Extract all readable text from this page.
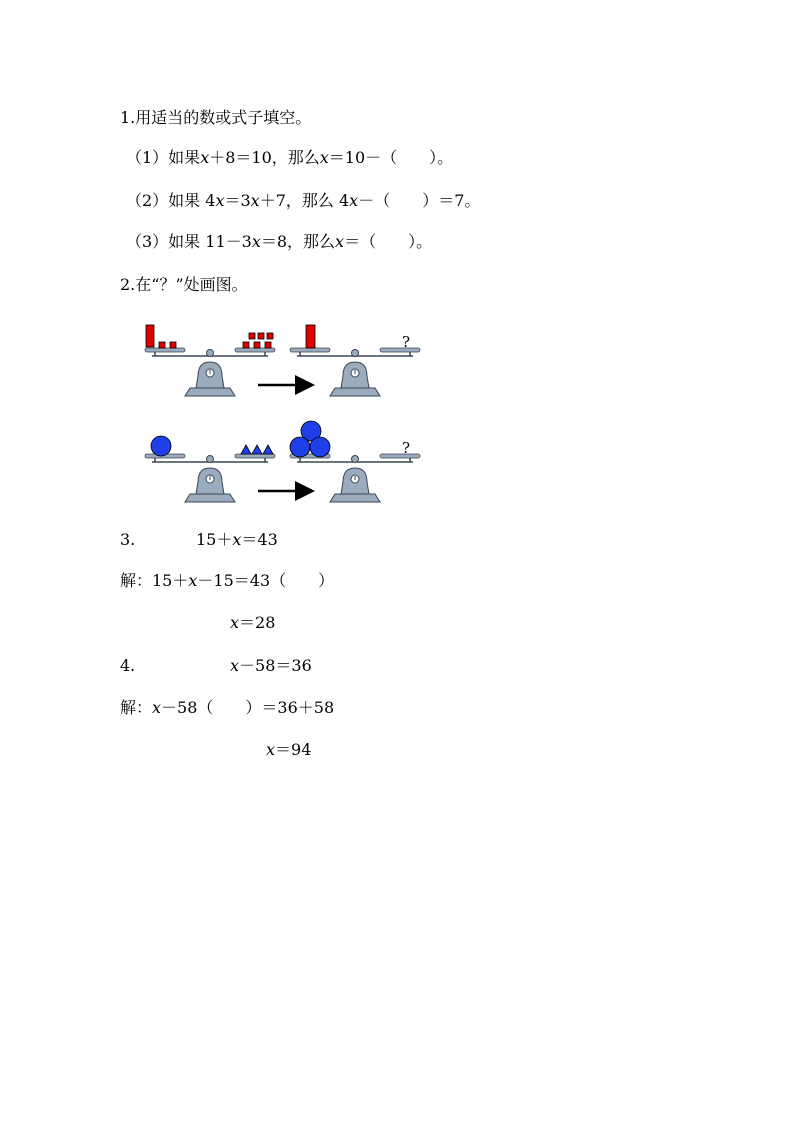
1.用适当的数或式子填空。
（1）如果x＋8＝10，那么x＝10－（　　）。
（2）如果 4x＝3x＋7，那么 4x－（　　）＝7。
（3）如果 11－3x＝8，那么x＝（　　）。
2.在“？”处画图。
?
?
3.	15＋x＝43
解：15＋x－15＝43（　　）
x＝28
4.	x－58＝36
解：x－58（　　）＝36＋58
x＝94
